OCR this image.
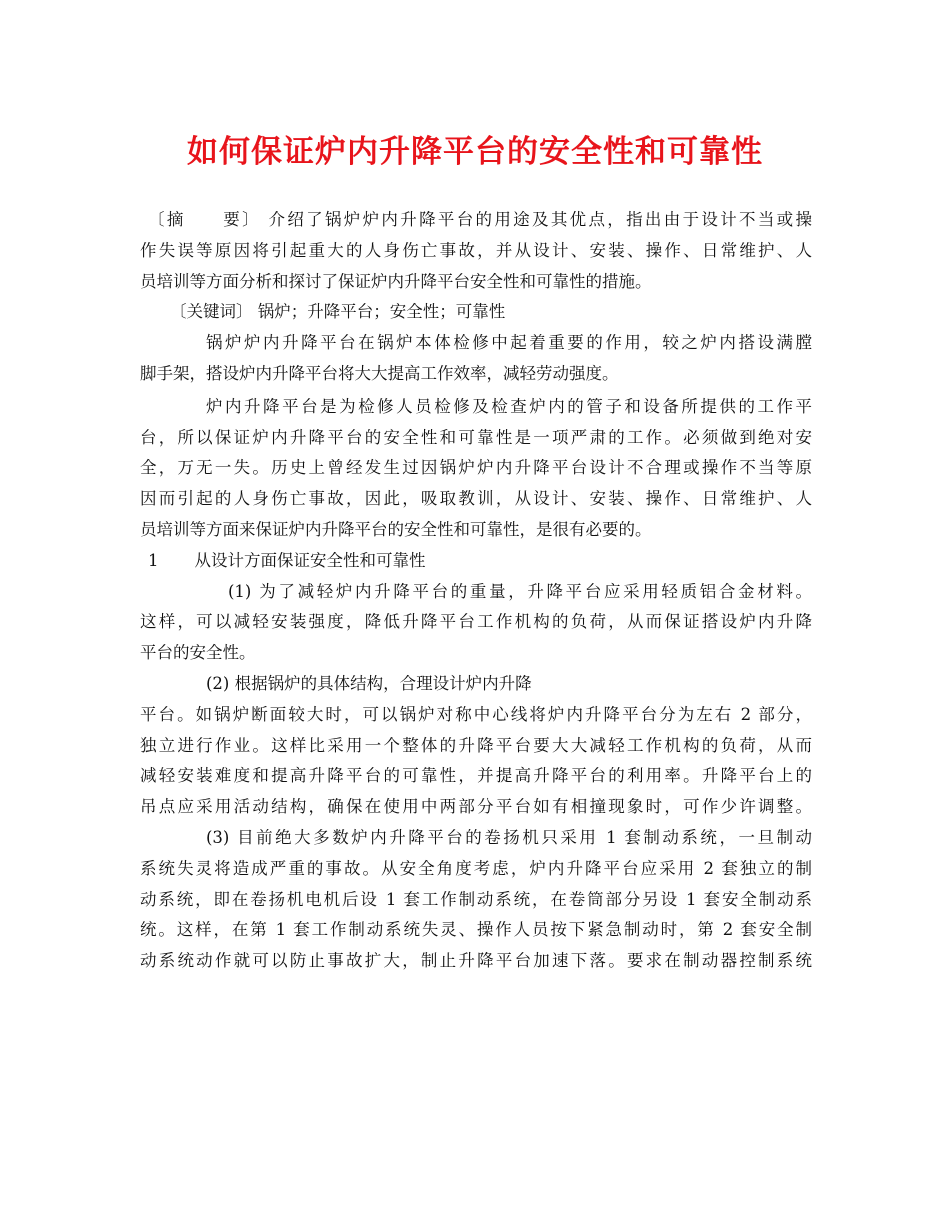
如何保证炉内升降平台的安全性和可靠性
〔摘　　要〕 介绍了锅炉炉内升降平台的用途及其优点，指出由于设计不当或操
作失误等原因将引起重大的人身伤亡事故，并从设计、安装、操作、日常维护、人
员培训等方面分析和探讨了保证炉内升降平台安全性和可靠性的措施。
〔关键词〕 锅炉；升降平台；安全性；可靠性
锅炉炉内升降平台在锅炉本体检修中起着重要的作用，较之炉内搭设满膛
脚手架，搭设炉内升降平台将大大提高工作效率，减轻劳动强度。
炉内升降平台是为检修人员检修及检查炉内的管子和设备所提供的工作平
台，所以保证炉内升降平台的安全性和可靠性是一项严肃的工作。必须做到绝对安
全，万无一失。历史上曾经发生过因锅炉炉内升降平台设计不合理或操作不当等原
因而引起的人身伤亡事故，因此，吸取教训，从设计、安装、操作、日常维护、人
员培训等方面来保证炉内升降平台的安全性和可靠性，是很有必要的。
1 从设计方面保证安全性和可靠性
(1) 为了减轻炉内升降平台的重量，升降平台应采用轻质铝合金材料。
这样，可以减轻安装强度，降低升降平台工作机构的负荷，从而保证搭设炉内升降
平台的安全性。
(2) 根据锅炉的具体结构，合理设计炉内升降
平台。如锅炉断面较大时，可以锅炉对称中心线将炉内升降平台分为左右 2 部分，
独立进行作业。这样比采用一个整体的升降平台要大大减轻工作机构的负荷，从而
减轻安装难度和提高升降平台的可靠性，并提高升降平台的利用率。升降平台上的
吊点应采用活动结构，确保在使用中两部分平台如有相撞现象时，可作少许调整。
(3) 目前绝大多数炉内升降平台的卷扬机只采用 1 套制动系统，一旦制动
系统失灵将造成严重的事故。从安全角度考虑，炉内升降平台应采用 2 套独立的制
动系统，即在卷扬机电机后设 1 套工作制动系统，在卷筒部分另设 1 套安全制动系
统。这样，在第 1 套工作制动系统失灵、操作人员按下紧急制动时，第 2 套安全制
动系统动作就可以防止事故扩大，制止升降平台加速下落。要求在制动器控制系统
